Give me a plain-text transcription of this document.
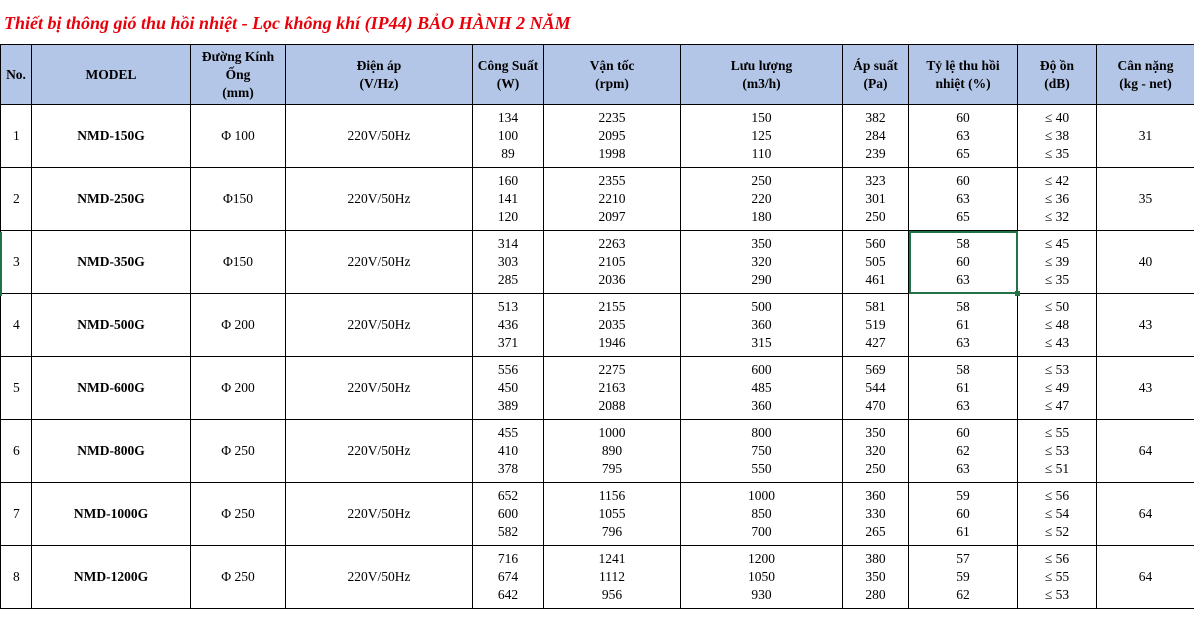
Thiết bị thông gió thu hồi nhiệt - Lọc không khí (IP44) BẢO HÀNH 2 NĂM
No.	MODEL	Đường Kính
Ống
(mm)	Điện áp
(V/Hz)	Công Suất
(W)	Vận tốc
(rpm)	Lưu lượng
(m3/h)	Áp suất
(Pa)	Tỷ lệ thu hồi
nhiệt (%)	Độ ồn
(dB)	Cân nặng
(kg - net)
1	NMD-150G	Φ 100	220V/50Hz	134
100
89	2235
2095
1998	150
125
110	382
284
239	60
63
65	≤ 40
≤ 38
≤ 35	31
2	NMD-250G	Φ150	220V/50Hz	160
141
120	2355
2210
2097	250
220
180	323
301
250	60
63
65	≤ 42
≤ 36
≤ 32	35
3	NMD-350G	Φ150	220V/50Hz	314
303
285	2263
2105
2036	350
320
290	560
505
461	58
60
63	≤ 45
≤ 39
≤ 35	40
4	NMD-500G	Φ 200	220V/50Hz	513
436
371	2155
2035
1946	500
360
315	581
519
427	58
61
63	≤ 50
≤ 48
≤ 43	43
5	NMD-600G	Φ 200	220V/50Hz	556
450
389	2275
2163
2088	600
485
360	569
544
470	58
61
63	≤ 53
≤ 49
≤ 47	43
6	NMD-800G	Φ 250	220V/50Hz	455
410
378	1000
890
795	800
750
550	350
320
250	60
62
63	≤ 55
≤ 53
≤ 51	64
7	NMD-1000G	Φ 250	220V/50Hz	652
600
582	1156
1055
796	1000
850
700	360
330
265	59
60
61	≤ 56
≤ 54
≤ 52	64
8	NMD-1200G	Φ 250	220V/50Hz	716
674
642	1241
1112
956	1200
1050
930	380
350
280	57
59
62	≤ 56
≤ 55
≤ 53	64
